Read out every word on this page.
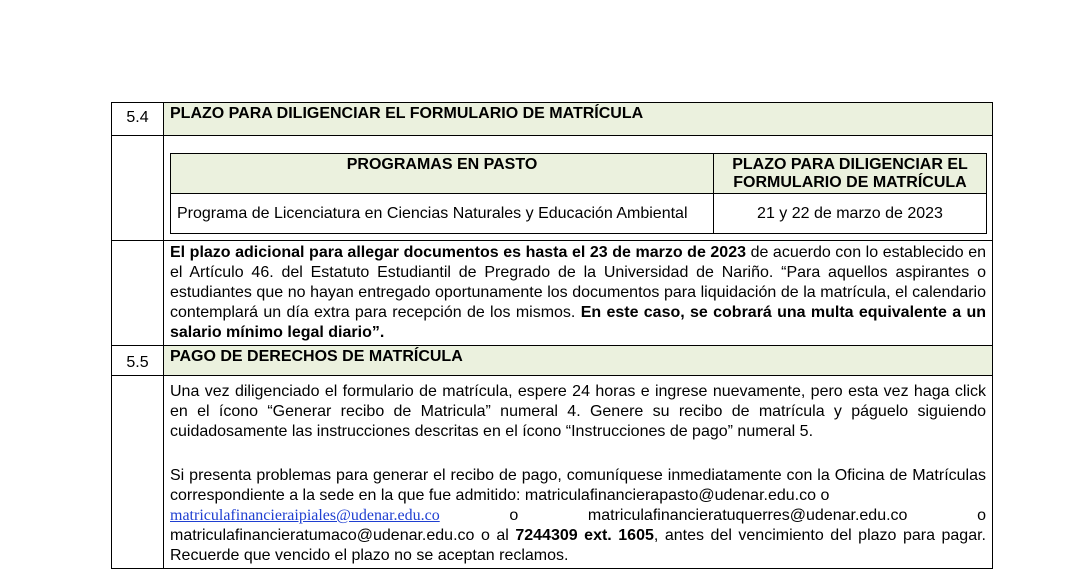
5.4	PLAZO PARA DILIGENCIAR EL FORMULARIO DE MATRÍCULA

PROGRAMAS EN PASTO	PLAZO PARA DILIGENCIAR EL FORMULARIO DE MATRÍCULA
Programa de Licenciatura en Ciencias Naturales y Educación Ambiental	21 y 22 de marzo de 2023

El plazo adicional para allegar documentos es hasta el 23 de marzo de 2023 de acuerdo con lo establecido en el Artículo 46. del Estatuto Estudiantil de Pregrado de la Universidad de Nariño. “Para aquellos aspirantes o estudiantes que no hayan entregado oportunamente los documentos para liquidación de la matrícula, el calendario contemplará un día extra para recepción de los mismos. En este caso, se cobrará una multa equivalente a un salario mínimo legal diario”.

5.5	PAGO DE DERECHOS DE MATRÍCULA

Una vez diligenciado el formulario de matrícula, espere 24 horas e ingrese nuevamente, pero esta vez haga click en el ícono “Generar recibo de Matricula” numeral 4. Genere su recibo de matrícula y páguelo siguiendo cuidadosamente las instrucciones descritas en el ícono “Instrucciones de pago” numeral 5.
Si presenta problemas para generar el recibo de pago, comuníquese inmediatamente con la Oficina de Matrículas correspondiente a la sede en la que fue admitido: matriculafinancierapasto@udenar.edu.co o
matriculafinancieraipiales@udenar.edu.co	o	matriculafinancieratuquerres@udenar.edu.co	o
matriculafinancieratumaco@udenar.edu.co o al 7244309 ext. 1605, antes del vencimiento del plazo para pagar. Recuerde que vencido el plazo no se aceptan reclamos.
